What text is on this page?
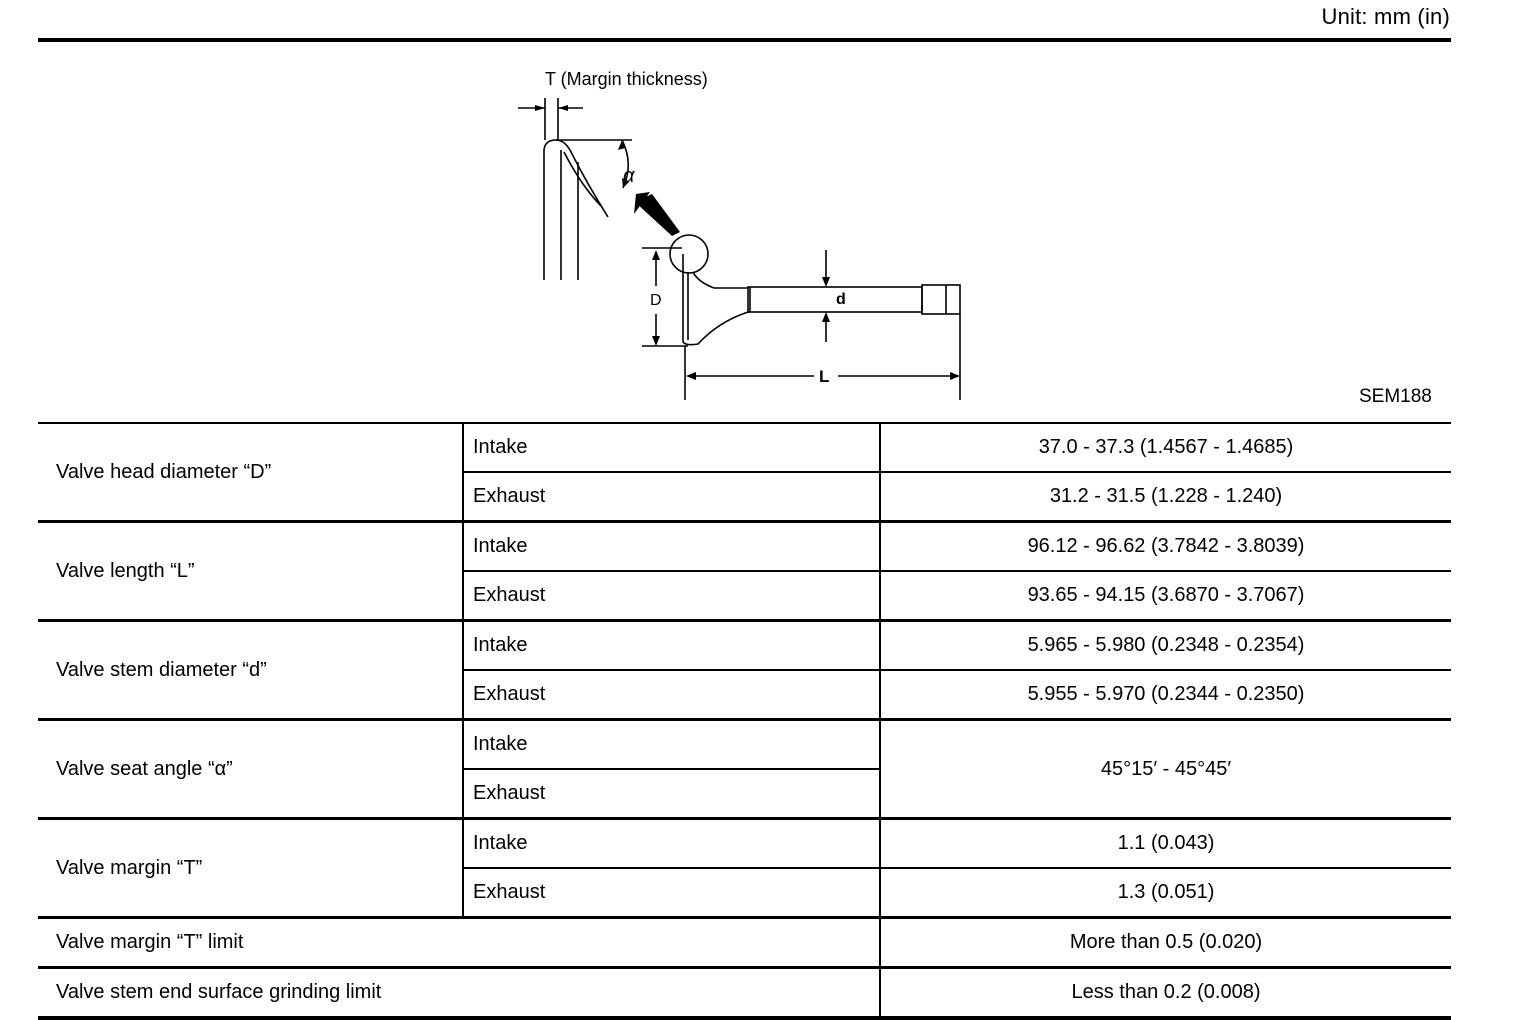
Unit: mm (in)
T (Margin thickness)
α
D	d
L
SEM188
Valve head diameter “D”	Intake	37.0 - 37.3 (1.4567 - 1.4685)
	Exhaust	31.2 - 31.5 (1.228 - 1.240)
Valve length “L”	Intake	96.12 - 96.62 (3.7842 - 3.8039)
	Exhaust	93.65 - 94.15 (3.6870 - 3.7067)
Valve stem diameter “d”	Intake	5.965 - 5.980 (0.2348 - 0.2354)
	Exhaust	5.955 - 5.970 (0.2344 - 0.2350)
Valve seat angle “α”	Intake	45°15′ - 45°45′
	Exhaust	
Valve margin “T”	Intake	1.1 (0.043)
	Exhaust	1.3 (0.051)
Valve margin “T” limit		More than 0.5 (0.020)
Valve stem end surface grinding limit		Less than 0.2 (0.008)
